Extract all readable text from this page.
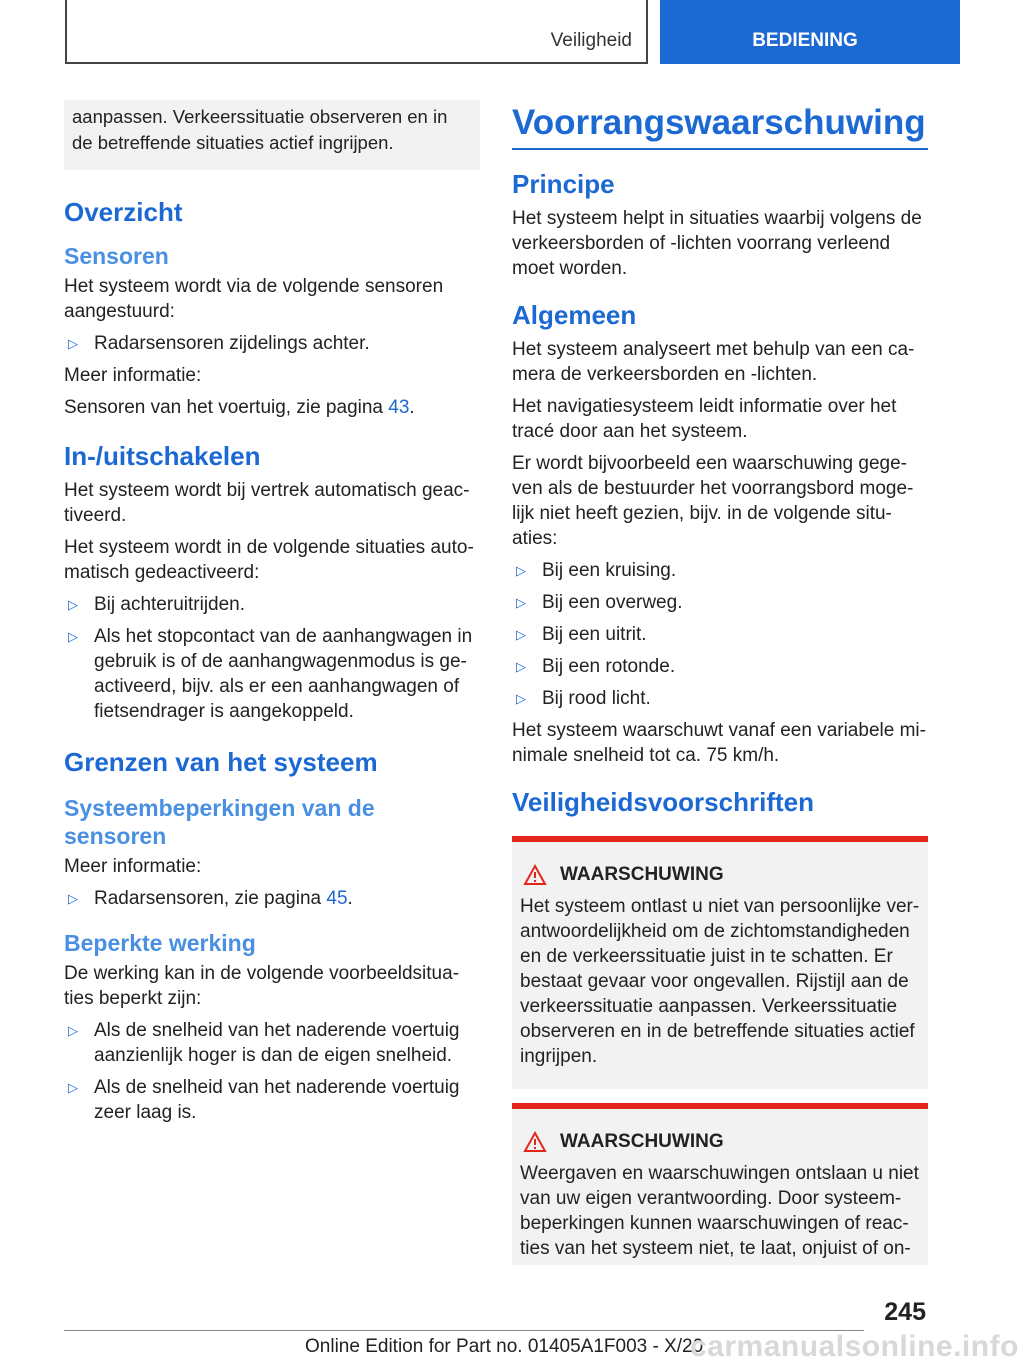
Veiligheid	BEDIENING
aanpassen. Verkeerssituatie observeren en in de betreffende situaties actief ingrijpen.
Overzicht
Sensoren

Het systeem wordt via de volgende sensoren aangestuurd:

▷ Radarsensoren zijdelings achter.

Meer informatie:

Sensoren van het voertuig, zie pagina 43.

In-/uitschakelen

Het systeem wordt bij vertrek automatisch geac-tiveerd.

Het systeem wordt in de volgende situaties auto-matisch gedeactiveerd:

▷ Bij achteruitrijden.
▷ Als het stopcontact van de aanhangwagen in gebruik is of de aanhangwagenmodus is ge-activeerd, bijv. als er een aanhangwagen of fietsendrager is aangekoppeld.
Grenzen van het systeem
Systeembeperkingen van de sensoren

Meer informatie:

▷ Radarsensoren, zie pagina 45.
Beperkte werking

De werking kan in de volgende voorbeeldsitua-ties beperkt zijn:

▷ Als de snelheid van het naderende voertuig aanzienlijk hoger is dan de eigen snelheid.
▷ Als de snelheid van het naderende voertuig zeer laag is.
Voorrangswaarschuwing
Principe

Het systeem helpt in situaties waarbij volgens de verkeersborden of -lichten voorrang verleend moet worden.

Algemeen

Het systeem analyseert met behulp van een ca-mera de verkeersborden en -lichten.

Het navigatiesysteem leidt informatie over het tracé door aan het systeem.

Er wordt bijvoorbeeld een waarschuwing gege-ven als de bestuurder het voorrangsbord moge-lijk niet heeft gezien, bijv. in de volgende situ-aties:

▷ Bij een kruising.
▷ Bij een overweg.
▷ Bij een uitrit.
▷ Bij een rotonde.
▷ Bij rood licht.

Het systeem waarschuwt vanaf een variabele mi-nimale snelheid tot ca. 75 km/h.

Veiligheidsvoorschriften
WAARSCHUWING
Het systeem ontlast u niet van persoonlijke ver-antwoordelijkheid om de zichtomstandigheden en de verkeerssituatie juist in te schatten. Er bestaat gevaar voor ongevallen. Rijstijl aan de verkeerssituatie aanpassen. Verkeerssituatie observeren en in de betreffende situaties actief ingrijpen.
WAARSCHUWING
Weergaven en waarschuwingen ontslaan u niet van uw eigen verantwoording. Door systeem-beperkingen kunnen waarschuwingen of reac-ties van het systeem niet, te laat, onjuist of on-
245
Online Edition for Part no. 01405A1F003 - X/20
carmanualsonline.info
